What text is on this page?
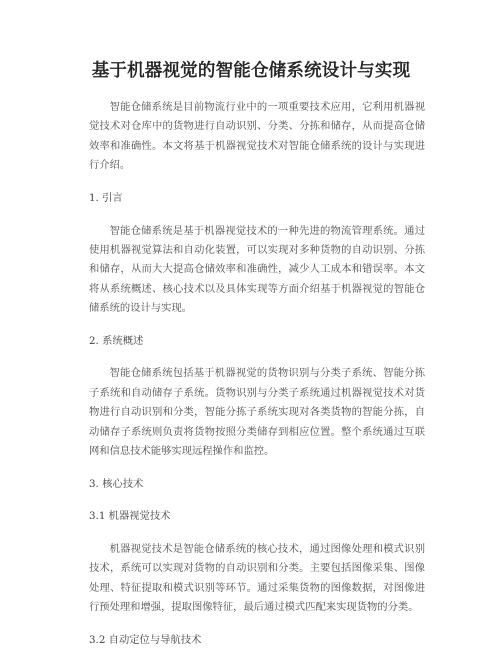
基于机器视觉的智能仓储系统设计与实现

智能仓储系统是目前物流行业中的一项重要技术应用，它利用机器视觉技术对仓库中的货物进行自动识别、分类、分拣和储存，从而提高仓储效率和准确性。本文将基于机器视觉技术对智能仓储系统的设计与实现进行介绍。

1. 引言

智能仓储系统是基于机器视觉技术的一种先进的物流管理系统。通过使用机器视觉算法和自动化装置，可以实现对多种货物的自动识别、分拣和储存，从而大大提高仓储效率和准确性，减少人工成本和错误率。本文将从系统概述、核心技术以及具体实现等方面介绍基于机器视觉的智能仓储系统的设计与实现。

2. 系统概述

智能仓储系统包括基于机器视觉的货物识别与分类子系统、智能分拣子系统和自动储存子系统。货物识别与分类子系统通过机器视觉技术对货物进行自动识别和分类，智能分拣子系统实现对各类货物的智能分拣，自动储存子系统则负责将货物按照分类储存到相应位置。整个系统通过互联网和信息技术能够实现远程操作和监控。

3. 核心技术

3.1 机器视觉技术

机器视觉技术是智能仓储系统的核心技术，通过图像处理和模式识别技术，系统可以实现对货物的自动识别和分类。主要包括图像采集、图像处理、特征提取和模式识别等环节。通过采集货物的图像数据，对图像进行预处理和增强，提取图像特征，最后通过模式匹配来实现货物的分类。

3.2 自动定位与导航技术
